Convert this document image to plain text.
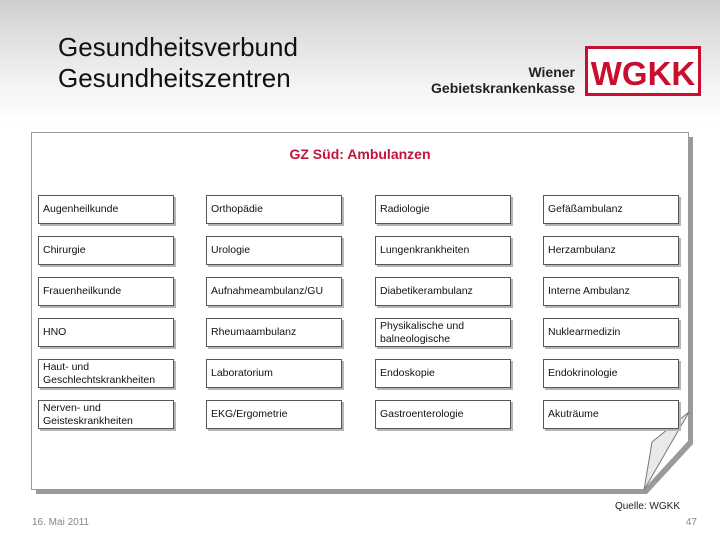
Gesundheitsverbund
Gesundheitszentren	Wiener
Gebietskrankenkasse WGKK
GZ Süd: Ambulanzen
Augenheilkunde
Chirurgie
Frauenheilkunde
HNO
Haut- und Geschlechtskrankheiten
Nerven- und Geisteskrankheiten
Orthopädie
Urologie
Aufnahmeambulanz/GU
Rheumaambulanz
Laboratorium
EKG/Ergometrie
Radiologie
Lungenkrankheiten
Diabetikerambulanz
Physikalische und balneologische
Endoskopie
Gastroenterologie
Gefäßambulanz
Herzambulanz
Interne Ambulanz
Nuklearmedizin
Endokrinologie
Akuträume
Quelle: WGKK
16. Mai 2011	47
